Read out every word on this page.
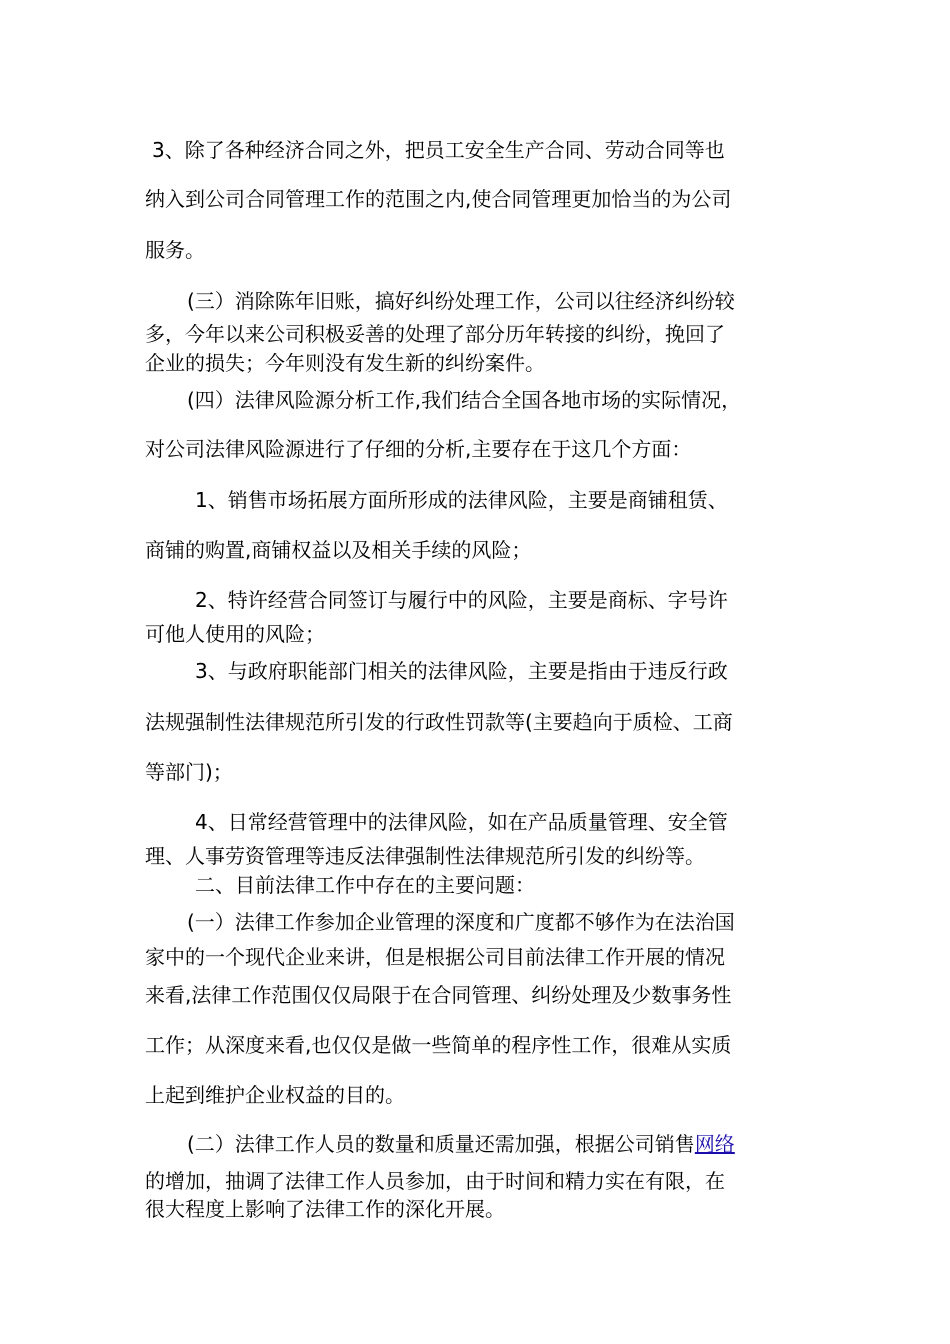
3、除了各种经济合同之外，把员工安全生产合同、劳动合同等也
纳入到公司合同管理工作的范围之内,使合同管理更加恰当的为公司
服务。
(三）消除陈年旧账，搞好纠纷处理工作，公司以往经济纠纷较
多，今年以来公司积极妥善的处理了部分历年转接的纠纷，挽回了
企业的损失；今年则没有发生新的纠纷案件。
(四）法律风险源分析工作,我们结合全国各地市场的实际情况，
对公司法律风险源进行了仔细的分析,主要存在于这几个方面：
1、销售市场拓展方面所形成的法律风险，主要是商铺租赁、
商铺的购置,商铺权益以及相关手续的风险；
2、特许经营合同签订与履行中的风险，主要是商标、字号许
可他人使用的风险；
3、与政府职能部门相关的法律风险，主要是指由于违反行政
法规强制性法律规范所引发的行政性罚款等(主要趋向于质检、工商
等部门)；
4、日常经营管理中的法律风险，如在产品质量管理、安全管
理、人事劳资管理等违反法律强制性法律规范所引发的纠纷等。
二、目前法律工作中存在的主要问题：
(一）法律工作参加企业管理的深度和广度都不够作为在法治国
家中的一个现代企业来讲，但是根据公司目前法律工作开展的情况
来看,法律工作范围仅仅局限于在合同管理、纠纷处理及少数事务性
工作；从深度来看,也仅仅是做一些简单的程序性工作，很难从实质
上起到维护企业权益的目的。
(二）法律工作人员的数量和质量还需加强，根据公司销售网络
的增加，抽调了法律工作人员参加，由于时间和精力实在有限，在
很大程度上影响了法律工作的深化开展。
